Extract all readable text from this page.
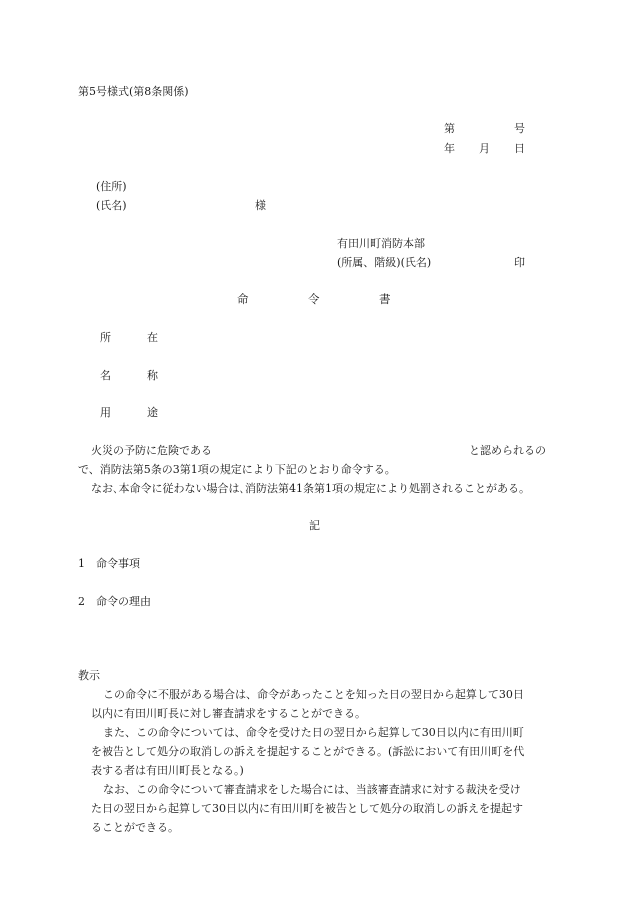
第5号様式(第8条関係)

第	号
年 月 日
(住所)
(氏名)	様
有田川町消防本部
(所属、階級)(氏名)	印
命	令	書
所	在
名	称
用	途
火災の予防に危険である	と認められるの
で、消防法第5条の3第1項の規定により下記のとおり命令する。
なお､本命令に従わない場合は､消防法第41条第1項の規定により処罰されることがある。
記
1　命令事項
2　命令の理由
教示
この命令に不服がある場合は、命令があったことを知った日の翌日から起算して30日
以内に有田川町長に対し審査請求をすることができる。
また、この命令については、命令を受けた日の翌日から起算して30日以内に有田川町
を被告として処分の取消しの訴えを提起することができる。(訴訟において有田川町を代
表する者は有田川町長となる。)
なお、この命令について審査請求をした場合には、当該審査請求に対する裁決を受け
た日の翌日から起算して30日以内に有田川町を被告として処分の取消しの訴えを提起す
ることができる。
